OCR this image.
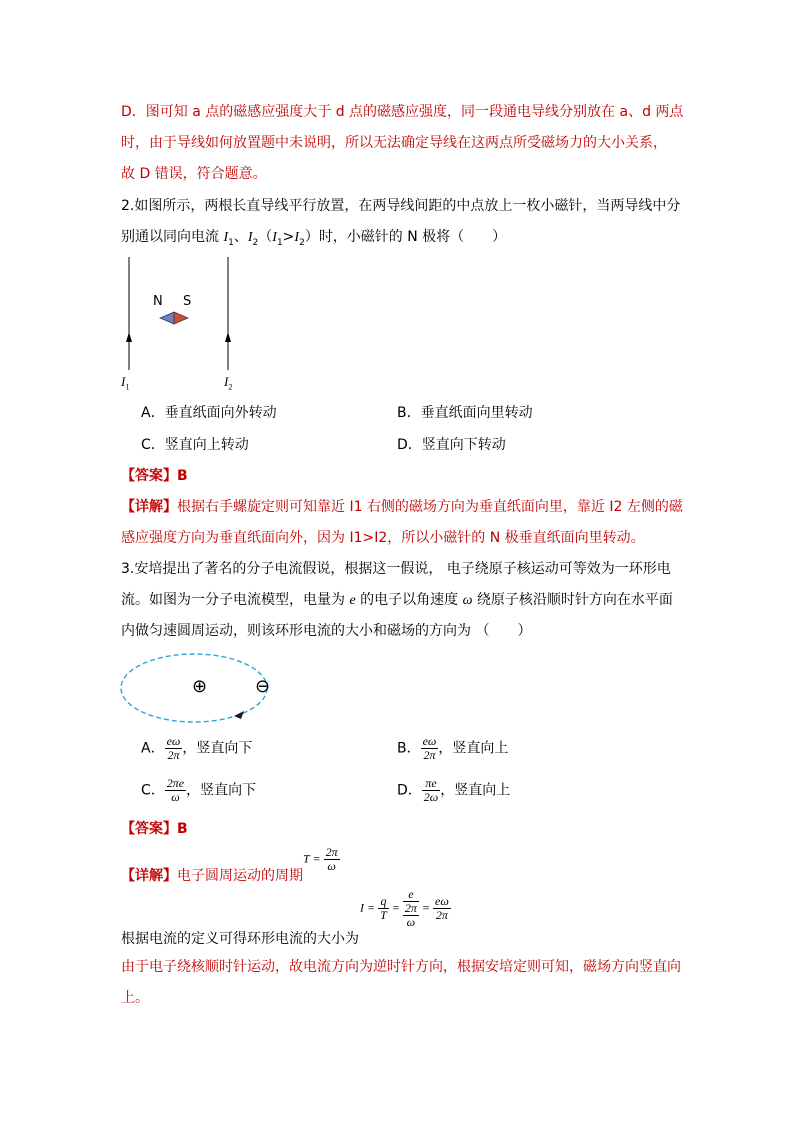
D．图可知 a 点的磁感应强度大于 d 点的磁感应强度，同一段通电导线分别放在 a、d 两点
时，由于导线如何放置题中未说明，所以无法确定导线在这两点所受磁场力的大小关系，
故 D 错误，符合题意。
2.如图所示，两根长直导线平行放置，在两导线间距的中点放上一枚小磁针，当两导线中分
别通以同向电流 $I_1$、$I_2(I_1>I_2)$时，小磁针的 N 极将（　　）
N S
$I_1$	$I_2$
A．垂直纸面向外转动	B．垂直纸面向里转动
C．竖直向上转动	D．竖直向下转动
【答案】B
【详解】根据右手螺旋定则可知靠近 I1 右侧的磁场方向为垂直纸面向里，靠近 I2 左侧的磁
感应强度方向为垂直纸面向外，因为 I1>I2，所以小磁针的 N 极垂直纸面向里转动。
3.安培提出了著名的分子电流假说，根据这一假说， 电子绕原子核运动可等效为一环形电
流。如图为一分子电流模型，电量为 e 的电子以角速度 ω 绕原子核沿顺时针方向在水平面
内做匀速圆周运动，则该环形电流的大小和磁场的方向为 （　　）
⊕	⊖
A． $\frac{e\omega}{2\pi}$ ，竖直向下	B． $\frac{e\omega}{2\pi}$ ，竖直向上
C． $\frac{2\pi e}{\omega}$ ，竖直向下	D． $\frac{\pi e}{2\omega}$ ，竖直向上
【答案】B
$T = \frac{2\pi}{\omega}$
【详解】电子圆周运动的周期
$I = \frac{q}{T}$ =
e
2π
ω
= $\frac{e\omega}{2\pi}$
根据电流的定义可得环形电流的大小为
由于电子绕核顺时针运动，故电流方向为逆时针方向，根据安培定则可知，磁场方向竖直向
上。
